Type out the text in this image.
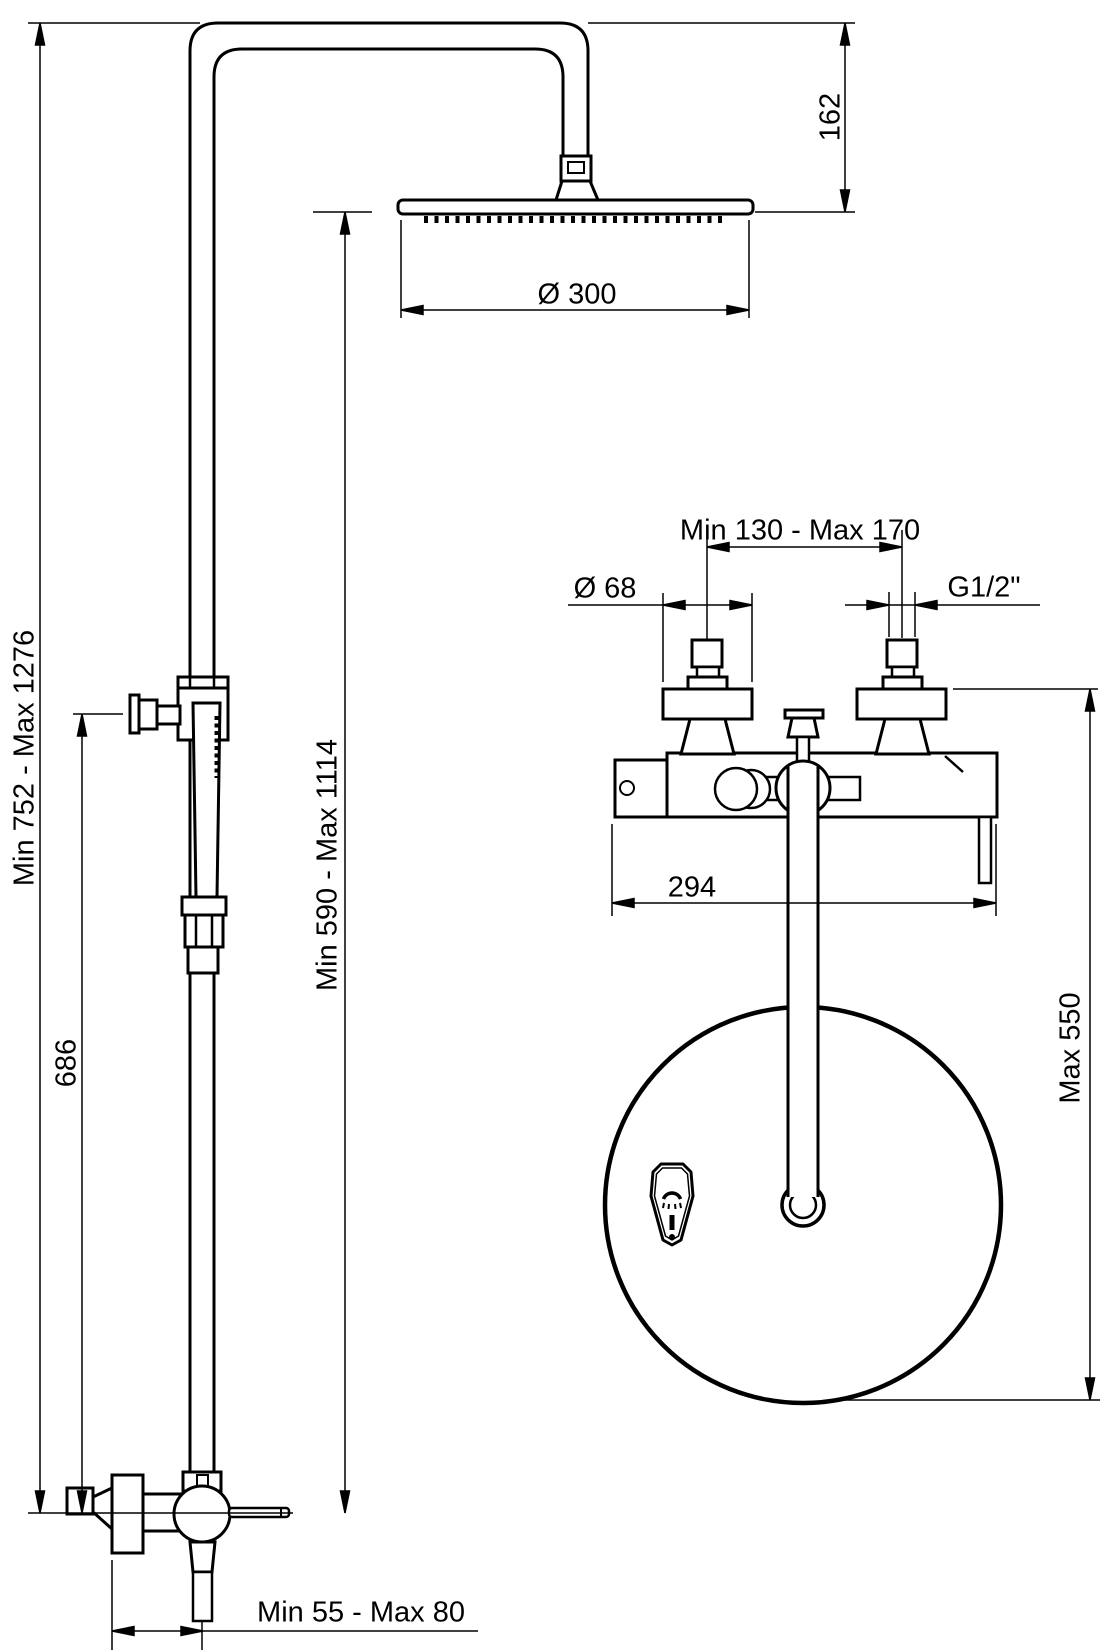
Min 752 - Max 1276
686
Min 590 - Max 1114
162
Ø 300
Min 55 - Max 80
Min 130 - Max 170
Ø 68	G1/2"
294
Max 550
